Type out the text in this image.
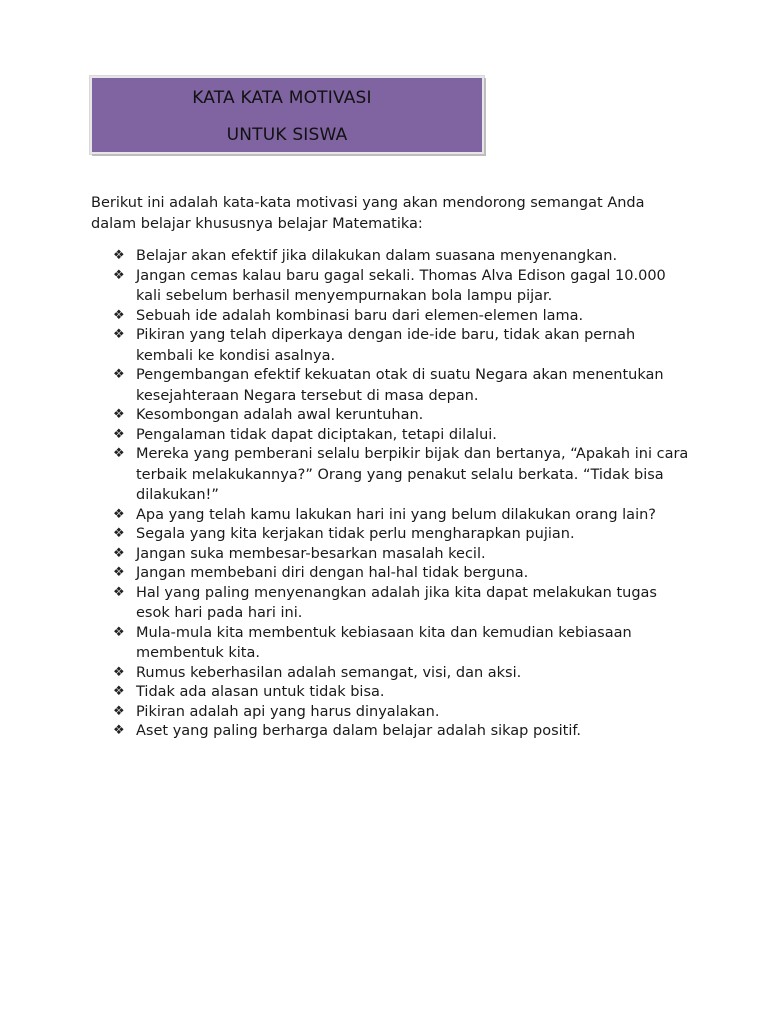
KATA KATA MOTIVASI
UNTUK SISWA

Berikut ini adalah kata-kata motivasi yang akan mendorong semangat Anda dalam belajar khususnya belajar Matematika:

❖ Belajar akan efektif jika dilakukan dalam suasana menyenangkan.
❖ Jangan cemas kalau baru gagal sekali. Thomas Alva Edison gagal 10.000 kali sebelum berhasil menyempurnakan bola lampu pijar.
❖ Sebuah ide adalah kombinasi baru dari elemen-elemen lama.
❖ Pikiran yang telah diperkaya dengan ide-ide baru, tidak akan pernah kembali ke kondisi asalnya.
❖ Pengembangan efektif kekuatan otak di suatu Negara akan menentukan kesejahteraan Negara tersebut di masa depan.
❖ Kesombongan adalah awal keruntuhan.
❖ Pengalaman tidak dapat diciptakan, tetapi dilalui.
❖ Mereka yang pemberani selalu berpikir bijak dan bertanya, “Apakah ini cara terbaik melakukannya?” Orang yang penakut selalu berkata. “Tidak bisa dilakukan!”
❖ Apa yang telah kamu lakukan hari ini yang belum dilakukan orang lain?
❖ Segala yang kita kerjakan tidak perlu mengharapkan pujian.
❖ Jangan suka membesar-besarkan masalah kecil.
❖ Jangan membebani diri dengan hal-hal tidak berguna.
❖ Hal yang paling menyenangkan adalah jika kita dapat melakukan tugas esok hari pada hari ini.
❖ Mula-mula kita membentuk kebiasaan kita dan kemudian kebiasaan membentuk kita.
❖ Rumus keberhasilan adalah semangat, visi, dan aksi.
❖ Tidak ada alasan untuk tidak bisa.
❖ Pikiran adalah api yang harus dinyalakan.
❖ Aset yang paling berharga dalam belajar adalah sikap positif.
